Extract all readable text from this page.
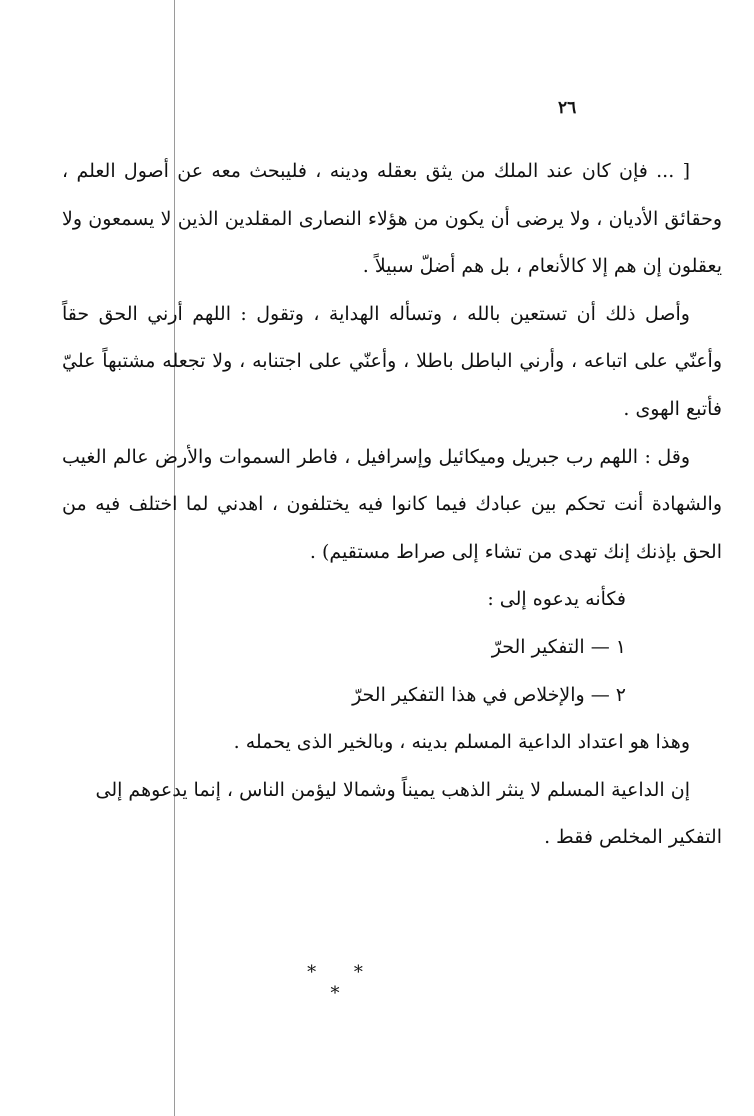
٢٦

[ ... فإن كان عند الملك من يثق بعقله ودينه ، فليبحث معه عن أصول العلم ، وحقائق الأديان ، ولا يرضى أن يكون من هؤلاء النصارى المقلدين الذين لا يسمعون ولا يعقلون إن هم إلا كالأنعام ، بل هم أضلّ سبيلاً .

وأصل ذلك أن تستعين بالله ، وتسأله الهداية ، وتقول : اللهم أرني الحق حقاً وأعنّي على اتباعه ، وأرني الباطل باطلا ، وأعنّي على اجتنابه ، ولا تجعله مشتبهاً عليّ فأتبع الهوى .

وقل : اللهم رب جبريل وميكائيل وإسرافيل ، فاطر السموات والأرض عالم الغيب والشهادة أنت تحكم بين عبادك فيما كانوا فيه يختلفون ، اهدني لما اختلف فيه من الحق بإذنك إنك تهدى من تشاء إلى صراط مستقيم) .

فكأنه يدعوه إلى :

١ — التفكير الحرّ

٢ — والإخلاص في هذا التفكير الحرّ

وهذا هو اعتداد الداعية المسلم بدينه ، وبالخير الذى يحمله .

إن الداعية المسلم لا ينثر الذهب يميناً وشمالا ليؤمن الناس ، إنما يدعوهم إلى التفكير المخلص فقط .

* * *
